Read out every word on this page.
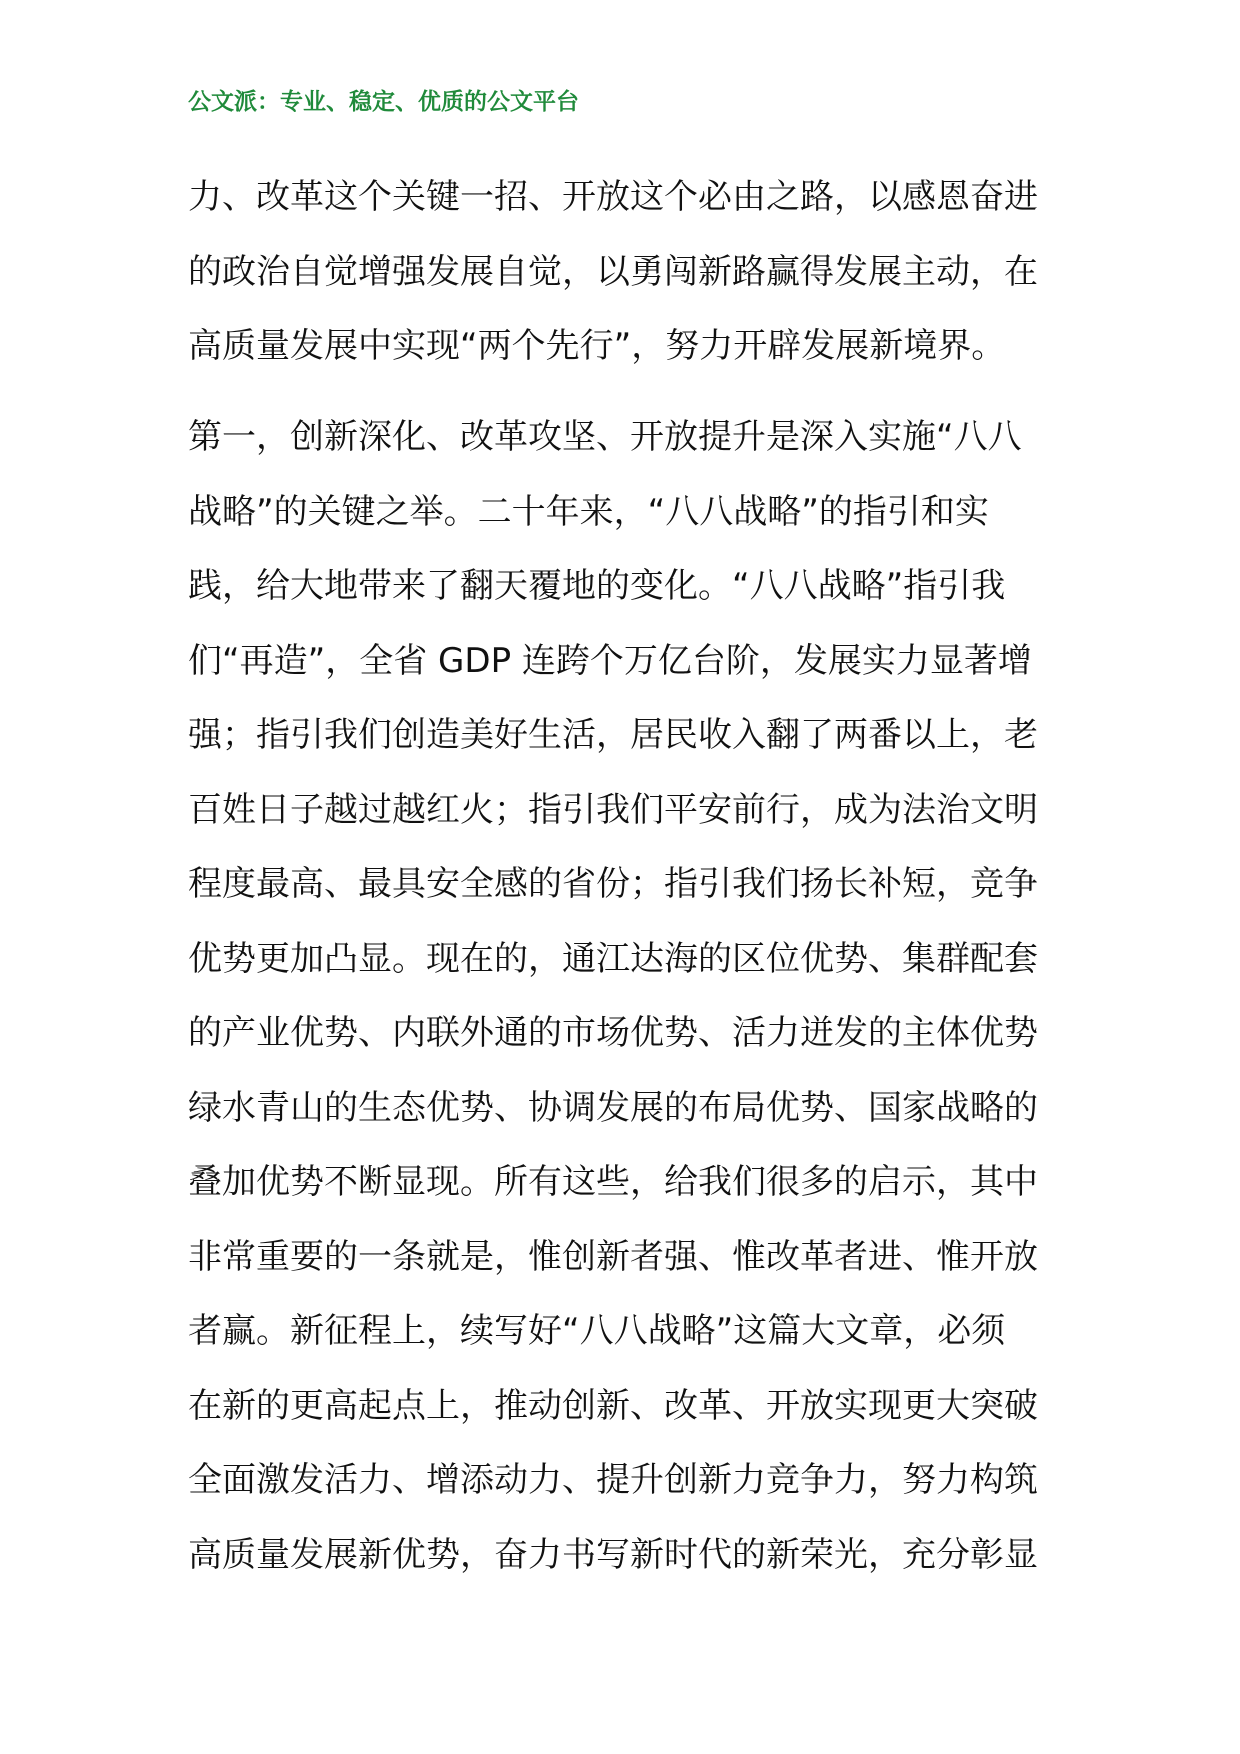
公文派：专业、稳定、优质的公文平台
力、改革这个关键一招、开放这个必由之路，以感恩奋进
的政治自觉增强发展自觉，以勇闯新路赢得发展主动，在
高质量发展中实现“两个先行”，努力开辟发展新境界。
第一，创新深化、改革攻坚、开放提升是深入实施“八八
战略”的关键之举。二十年来，“八八战略”的指引和实
践，给大地带来了翻天覆地的变化。“八八战略”指引我
们“再造”，全省 GDP 连跨个万亿台阶，发展实力显著增
强；指引我们创造美好生活，居民收入翻了两番以上，老
百姓日子越过越红火；指引我们平安前行，成为法治文明
程度最高、最具安全感的省份；指引我们扬长补短，竞争
优势更加凸显。现在的，通江达海的区位优势、集群配套
的产业优势、内联外通的市场优势、活力迸发的主体优势
绿水青山的生态优势、协调发展的布局优势、国家战略的
叠加优势不断显现。所有这些，给我们很多的启示，其中
非常重要的一条就是，惟创新者强、惟改革者进、惟开放
者赢。新征程上，续写好“八八战略”这篇大文章，必须
在新的更高起点上，推动创新、改革、开放实现更大突破
全面激发活力、增添动力、提升创新力竞争力，努力构筑
高质量发展新优势，奋力书写新时代的新荣光，充分彰显
